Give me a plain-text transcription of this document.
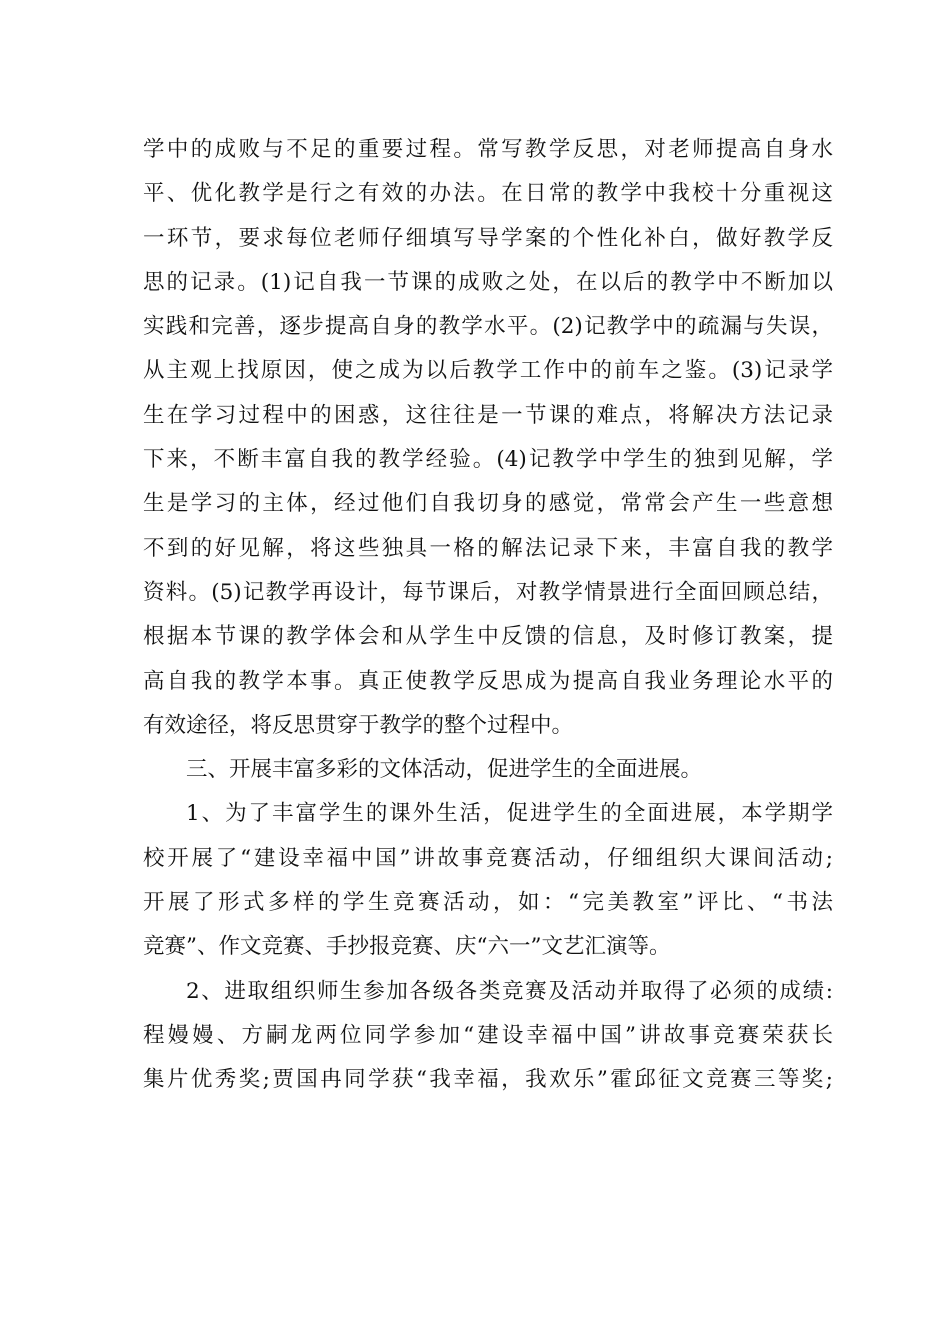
学中的成败与不足的重要过程。常写教学反思，对老师提高自身水
平、优化教学是行之有效的办法。在日常的教学中我校十分重视这
一环节，要求每位老师仔细填写导学案的个性化补白，做好教学反
思的记录。(1)记自我一节课的成败之处，在以后的教学中不断加以
实践和完善，逐步提高自身的教学水平。(2)记教学中的疏漏与失误，
从主观上找原因，使之成为以后教学工作中的前车之鉴。(3)记录学
生在学习过程中的困惑，这往往是一节课的难点，将解决方法记录
下来，不断丰富自我的教学经验。(4)记教学中学生的独到见解，学
生是学习的主体，经过他们自我切身的感觉，常常会产生一些意想
不到的好见解，将这些独具一格的解法记录下来，丰富自我的教学
资料。(5)记教学再设计，每节课后，对教学情景进行全面回顾总结，
根据本节课的教学体会和从学生中反馈的信息，及时修订教案，提
高自我的教学本事。真正使教学反思成为提高自我业务理论水平的
有效途径，将反思贯穿于教学的整个过程中。
三、开展丰富多彩的文体活动，促进学生的全面进展。
1、为了丰富学生的课外生活，促进学生的全面进展，本学期学
校开展了“建设幸福中国”讲故事竞赛活动，仔细组织大课间活动;
开展了形式多样的学生竞赛活动，如：“完美教室”评比、“书法
竞赛”、作文竞赛、手抄报竞赛、庆“六一”文艺汇演等。
2、进取组织师生参加各级各类竞赛及活动并取得了必须的成绩:
程嫚嫚、方嗣龙两位同学参加“建设幸福中国”讲故事竞赛荣获长
集片优秀奖;贾国冉同学获“我幸福，我欢乐”霍邱征文竞赛三等奖;
